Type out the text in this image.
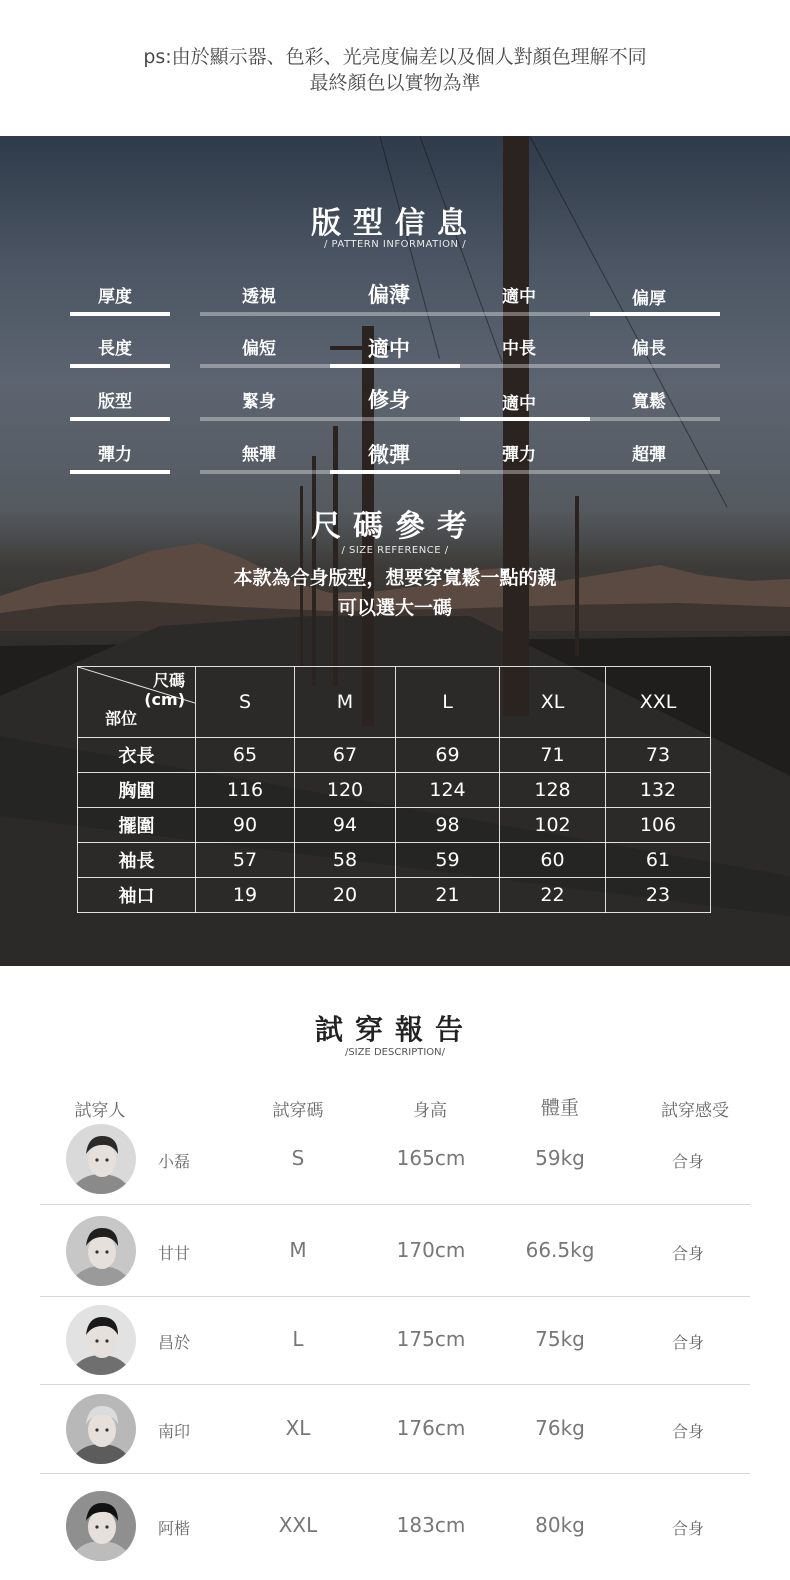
ps:由於顯示器、色彩、光亮度偏差以及個人對顏色理解不同
最終顏色以實物為準
版型信息
/ PATTERN INFORMATION /
厚度	透視	偏薄	適中	偏厚
長度	偏短	適中	中長	偏長
版型	緊身	修身	適中	寬鬆
彈力	無彈	微彈	彈力	超彈
尺碼參考
/ SIZE REFERENCE /
本款為合身版型，想要穿寬鬆一點的親
可以選大一碼
尺碼
(cm)
部位	S	M	L	XL	XXL
衣長	65	67	69	71	73
胸圍	116	120	124	128	132
擺圍	90	94	98	102	106
袖長	57	58	59	60	61
袖口	19	20	21	22	23
試穿報告
/SIZE DESCRIPTION/
試穿人	試穿碼	身高	體重	試穿感受
小磊	S	165cm	59kg	合身
甘甘	M	170cm	66.5kg	合身
昌於	L	175cm	75kg	合身
南印	XL	176cm	76kg	合身
阿楷	XXL	183cm	80kg	合身
